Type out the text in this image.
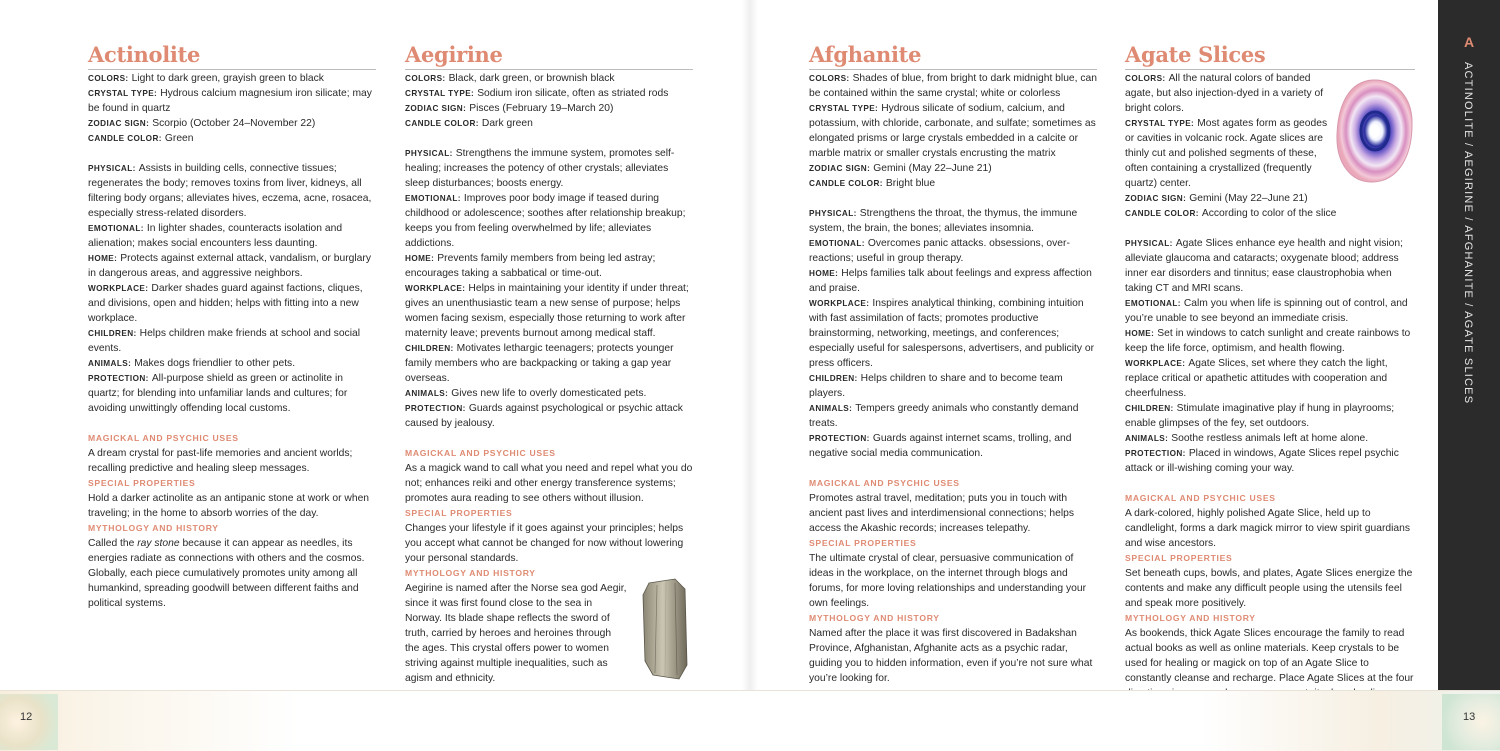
Actinolite

COLORS: Light to dark green, grayish green to black

CRYSTAL TYPE: Hydrous calcium magnesium iron silicate; may be found in quartz

ZODIAC SIGN: Scorpio (October 24–November 22)

CANDLE COLOR: Green

PHYSICAL: Assists in building cells, connective tissues; regenerates the body; removes toxins from liver, kidneys, all filtering body organs; alleviates hives, eczema, acne, rosacea, especially stress-related disorders.

EMOTIONAL: In lighter shades, counteracts isolation and alienation; makes social encounters less daunting.

HOME: Protects against external attack, vandalism, or burglary in dangerous areas, and aggressive neighbors.

WORKPLACE: Darker shades guard against factions, cliques, and divisions, open and hidden; helps with fitting into a new workplace.

CHILDREN: Helps children make friends at school and social events.

ANIMALS: Makes dogs friendlier to other pets.

PROTECTION: All-purpose shield as green or actinolite in quartz; for blending into unfamiliar lands and cultures; for avoiding unwittingly offending local customs.

MAGICKAL AND PSYCHIC USES

A dream crystal for past-life memories and ancient worlds; recalling predictive and healing sleep messages.

SPECIAL PROPERTIES

Hold a darker actinolite as an antipanic stone at work or when traveling; in the home to absorb worries of the day.

MYTHOLOGY AND HISTORY

Called the ray stone because it can appear as needles, its energies radiate as connections with others and the cosmos. Globally, each piece cumulatively promotes unity among all humankind, spreading goodwill between different faiths and political systems.

Aegirine

COLORS: Black, dark green, or brownish black

CRYSTAL TYPE: Sodium iron silicate, often as striated rods

ZODIAC SIGN: Pisces (February 19–March 20)

CANDLE COLOR: Dark green

PHYSICAL: Strengthens the immune system, promotes self-healing; increases the potency of other crystals; alleviates sleep disturbances; boosts energy.

EMOTIONAL: Improves poor body image if teased during childhood or adolescence; soothes after relationship breakup; keeps you from feeling overwhelmed by life; alleviates addictions.

HOME: Prevents family members from being led astray; encourages taking a sabbatical or time-out.

WORKPLACE: Helps in maintaining your identity if under threat; gives an unenthusiastic team a new sense of purpose; helps women facing sexism, especially those returning to work after maternity leave; prevents burnout among medical staff.

CHILDREN: Motivates lethargic teenagers; protects younger family members who are backpacking or taking a gap year overseas.

ANIMALS: Gives new life to overly domesticated pets.

PROTECTION: Guards against psychological or psychic attack caused by jealousy.

MAGICKAL AND PSYCHIC USES

As a magick wand to call what you need and repel what you do not; enhances reiki and other energy transference systems; promotes aura reading to see others without illusion.

SPECIAL PROPERTIES

Changes your lifestyle if it goes against your principles; helps you accept what cannot be changed for now without lowering your personal standards.

MYTHOLOGY AND HISTORY

Aegirine is named after the Norse sea god Aegir, since it was first found close to the sea in Norway. Its blade shape reflects the sword of truth, carried by heroes and heroines through the ages. This crystal offers power to women striving against multiple inequalities, such as agism and ethnicity.

Afghanite

COLORS: Shades of blue, from bright to dark midnight blue, can be contained within the same crystal; white or colorless

CRYSTAL TYPE: Hydrous silicate of sodium, calcium, and potassium, with chloride, carbonate, and sulfate; sometimes as elongated prisms or large crystals embedded in a calcite or marble matrix or smaller crystals encrusting the matrix

ZODIAC SIGN: Gemini (May 22–June 21)

CANDLE COLOR: Bright blue

PHYSICAL: Strengthens the throat, the thymus, the immune system, the brain, the bones; alleviates insomnia.

EMOTIONAL: Overcomes panic attacks. obsessions, over-reactions; useful in group therapy.

HOME: Helps families talk about feelings and express affection and praise.

WORKPLACE: Inspires analytical thinking, combining intuition with fast assimilation of facts; promotes productive brainstorming, networking, meetings, and conferences; especially useful for salespersons, advertisers, and publicity or press officers.

CHILDREN: Helps children to share and to become team players.

ANIMALS: Tempers greedy animals who constantly demand treats.

PROTECTION: Guards against internet scams, trolling, and negative social media communication.

MAGICKAL AND PSYCHIC USES

Promotes astral travel, meditation; puts you in touch with ancient past lives and interdimensional connections; helps access the Akashic records; increases telepathy.

SPECIAL PROPERTIES

The ultimate crystal of clear, persuasive communication of ideas in the workplace, on the internet through blogs and forums, for more loving relationships and understanding your own feelings.

MYTHOLOGY AND HISTORY

Named after the place it was first discovered in Badakshan Province, Afghanistan, Afghanite acts as a psychic radar, guiding you to hidden information, even if you’re not sure what you’re looking for.

Agate Slices

COLORS: All the natural colors of banded agate, but also injection-dyed in a variety of bright colors.

CRYSTAL TYPE: Most agates form as geodes or cavities in volcanic rock. Agate slices are thinly cut and polished segments of these, often containing a crystallized (frequently quartz) center.

ZODIAC SIGN: Gemini (May 22–June 21)

CANDLE COLOR: According to color of the slice

PHYSICAL: Agate Slices enhance eye health and night vision; alleviate glaucoma and cataracts; oxygenate blood; address inner ear disorders and tinnitus; ease claustrophobia when taking CT and MRI scans.

EMOTIONAL: Calm you when life is spinning out of control, and you’re unable to see beyond an immediate crisis.

HOME: Set in windows to catch sunlight and create rainbows to keep the life force, optimism, and health flowing.

WORKPLACE: Agate Slices, set where they catch the light, replace critical or apathetic attitudes with cooperation and cheerfulness.

CHILDREN: Stimulate imaginative play if hung in playrooms; enable glimpses of the fey, set outdoors.

ANIMALS: Soothe restless animals left at home alone.

PROTECTION: Placed in windows, Agate Slices repel psychic attack or ill-wishing coming your way.

MAGICKAL AND PSYCHIC USES

A dark-colored, highly polished Agate Slice, held up to candlelight, forms a dark magick mirror to view spirit guardians and wise ancestors.

SPECIAL PROPERTIES

Set beneath cups, bowls, and plates, Agate Slices energize the contents and make any difficult people using the utensils feel and speak more positively.

MYTHOLOGY AND HISTORY

As bookends, thick Agate Slices encourage the family to read actual books as well as online materials. Keep crystals to be used for healing or magick on top of an Agate Slice to constantly cleanse and recharge. Place Agate Slices at the four

A
ACTINOLITE / AEGIRINE / AFGHANITE / AGATE SLICES
12	13
